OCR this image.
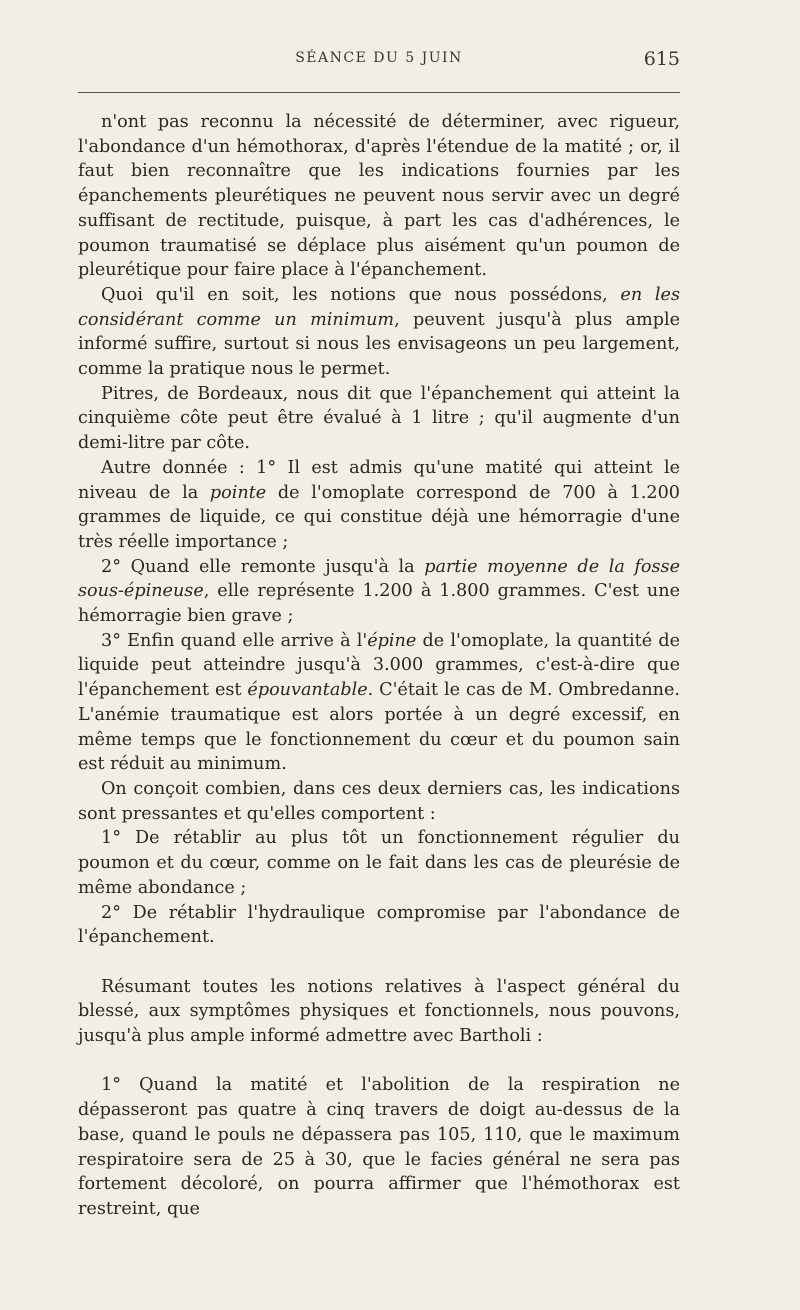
SÉANCE DU 5 JUIN	615

n'ont pas reconnu la nécessité de déterminer, avec rigueur, l'abondance d'un hémothorax, d'après l'étendue de la matité ; or, il faut bien reconnaître que les indications fournies par les épanchements pleurétiques ne peuvent nous servir avec un degré suffisant de rectitude, puisque, à part les cas d'adhérences, le poumon traumatisé se déplace plus aisément qu'un poumon de pleurétique pour faire place à l'épanchement.

Quoi qu'il en soit, les notions que nous possédons, en les considérant comme un minimum, peuvent jusqu'à plus ample informé suffire, surtout si nous les envisageons un peu largement, comme la pratique nous le permet.

Pitres, de Bordeaux, nous dit que l'épanchement qui atteint la cinquième côte peut être évalué à 1 litre ; qu'il augmente d'un demi-litre par côte.

Autre donnée : 1° Il est admis qu'une matité qui atteint le niveau de la pointe de l'omoplate correspond de 700 à 1.200 grammes de liquide, ce qui constitue déjà une hémorragie d'une très réelle importance ;

2° Quand elle remonte jusqu'à la partie moyenne de la fosse sous-épineuse, elle représente 1.200 à 1.800 grammes. C'est une hémorragie bien grave ;

3° Enfin quand elle arrive à l'épine de l'omoplate, la quantité de liquide peut atteindre jusqu'à 3.000 grammes, c'est-à-dire que l'épanchement est épouvantable. C'était le cas de M. Ombredanne. L'anémie traumatique est alors portée à un degré excessif, en même temps que le fonctionnement du cœur et du poumon sain est réduit au minimum.

On conçoit combien, dans ces deux derniers cas, les indications sont pressantes et qu'elles comportent :

1° De rétablir au plus tôt un fonctionnement régulier du poumon et du cœur, comme on le fait dans les cas de pleurésie de même abondance ;

2° De rétablir l'hydraulique compromise par l'abondance de l'épanchement.

Résumant toutes les notions relatives à l'aspect général du blessé, aux symptômes physiques et fonctionnels, nous pouvons, jusqu'à plus ample informé admettre avec Bartholi :

1° Quand la matité et l'abolition de la respiration ne dépasseront pas quatre à cinq travers de doigt au-dessus de la base, quand le pouls ne dépassera pas 105, 110, que le maximum respiratoire sera de 25 à 30, que le facies général ne sera pas fortement décoloré, on pourra affirmer que l'hémothorax est restreint, que
